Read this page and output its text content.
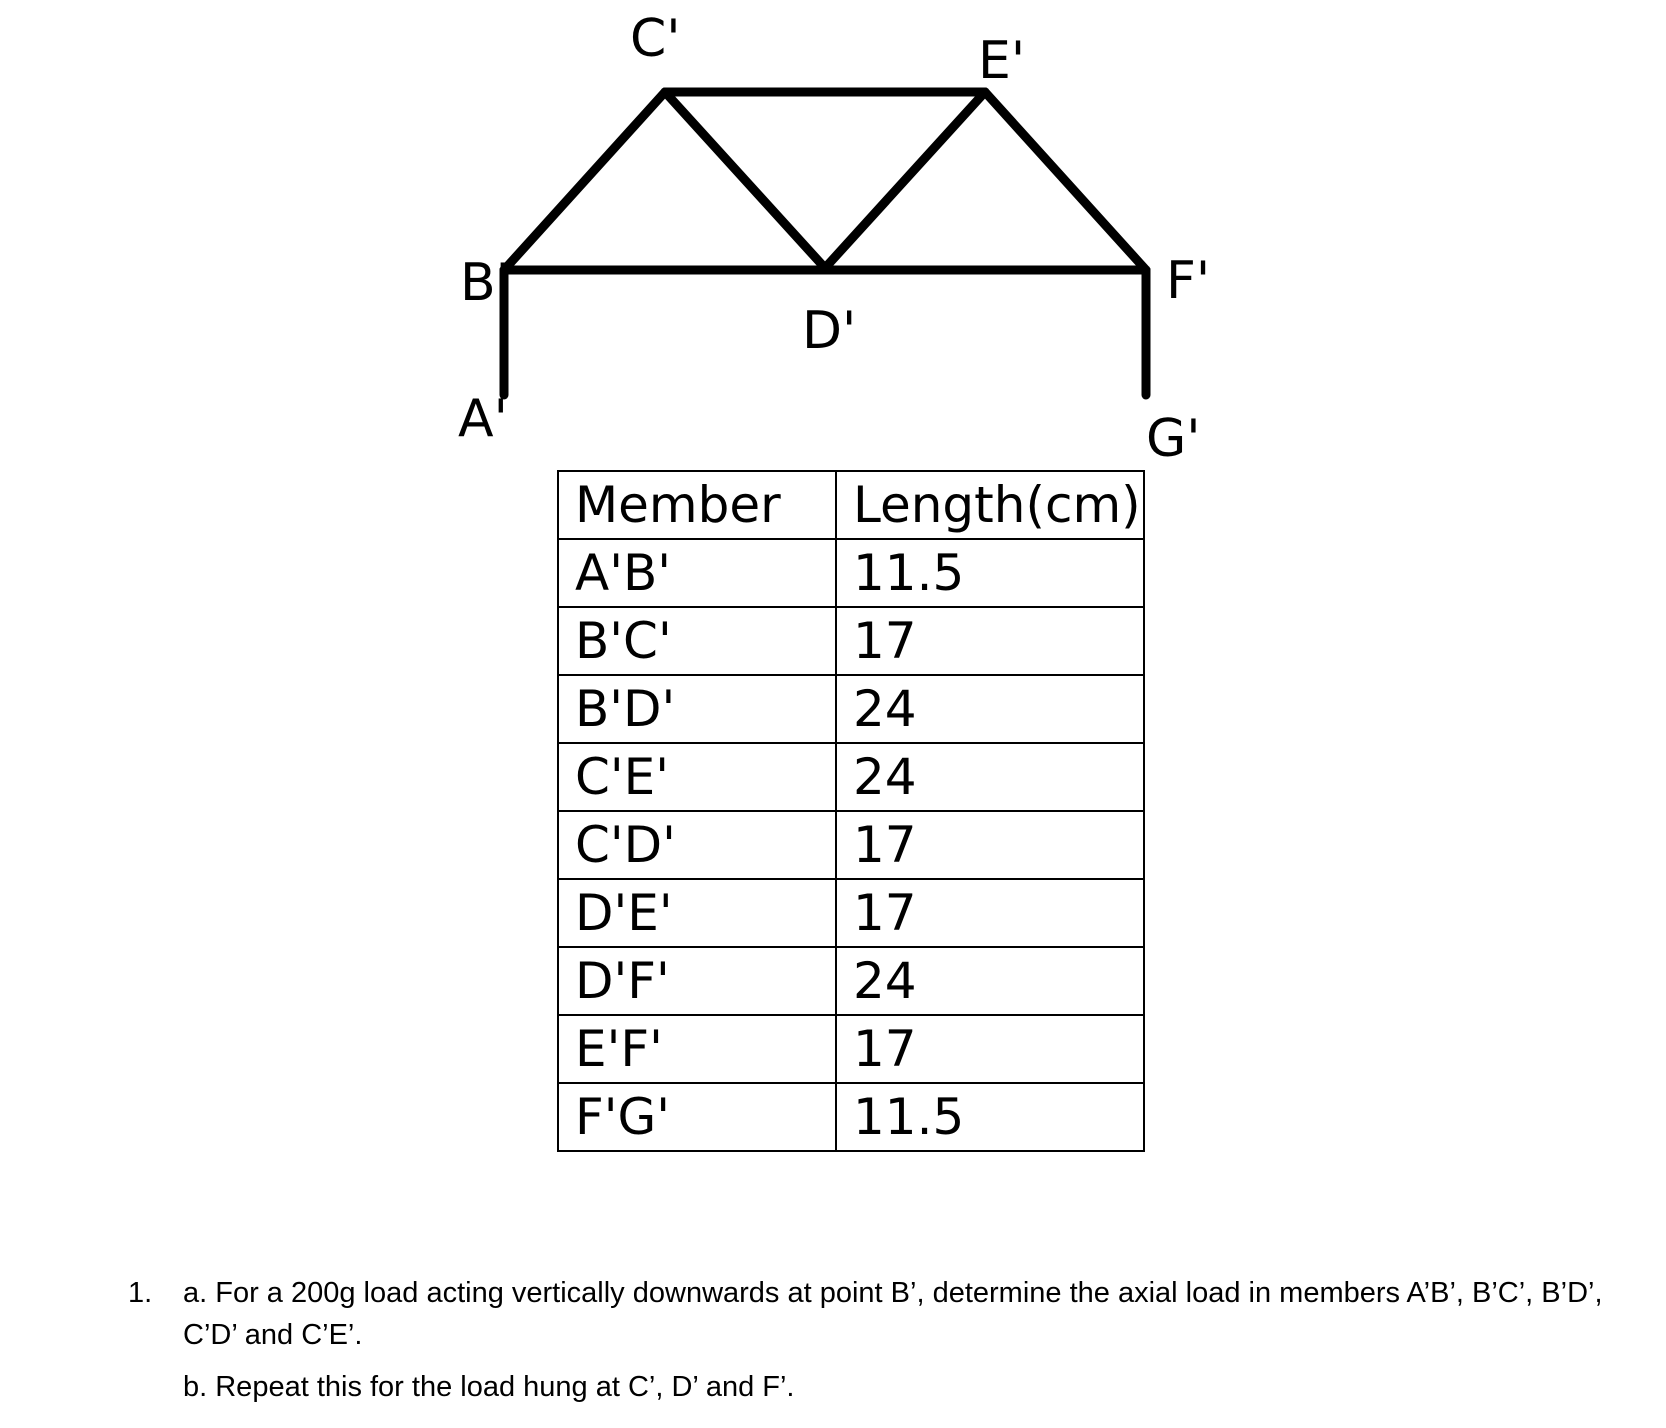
C'	E'
B'	F'
D'
A'	G'
Member	Length(cm)
A'B'	11.5
B'C'	17
B'D'	24
C'E'	24
C'D'	17
D'E'	17
D'F'	24
E'F'	17
F'G'	11.5
1. a. For a 200g load acting vertically downwards at point B’, determine the axial load in members A’B’, B’C’, B’D’, C’D’ and C’E’.
b. Repeat this for the load hung at C’, D’ and F’.
